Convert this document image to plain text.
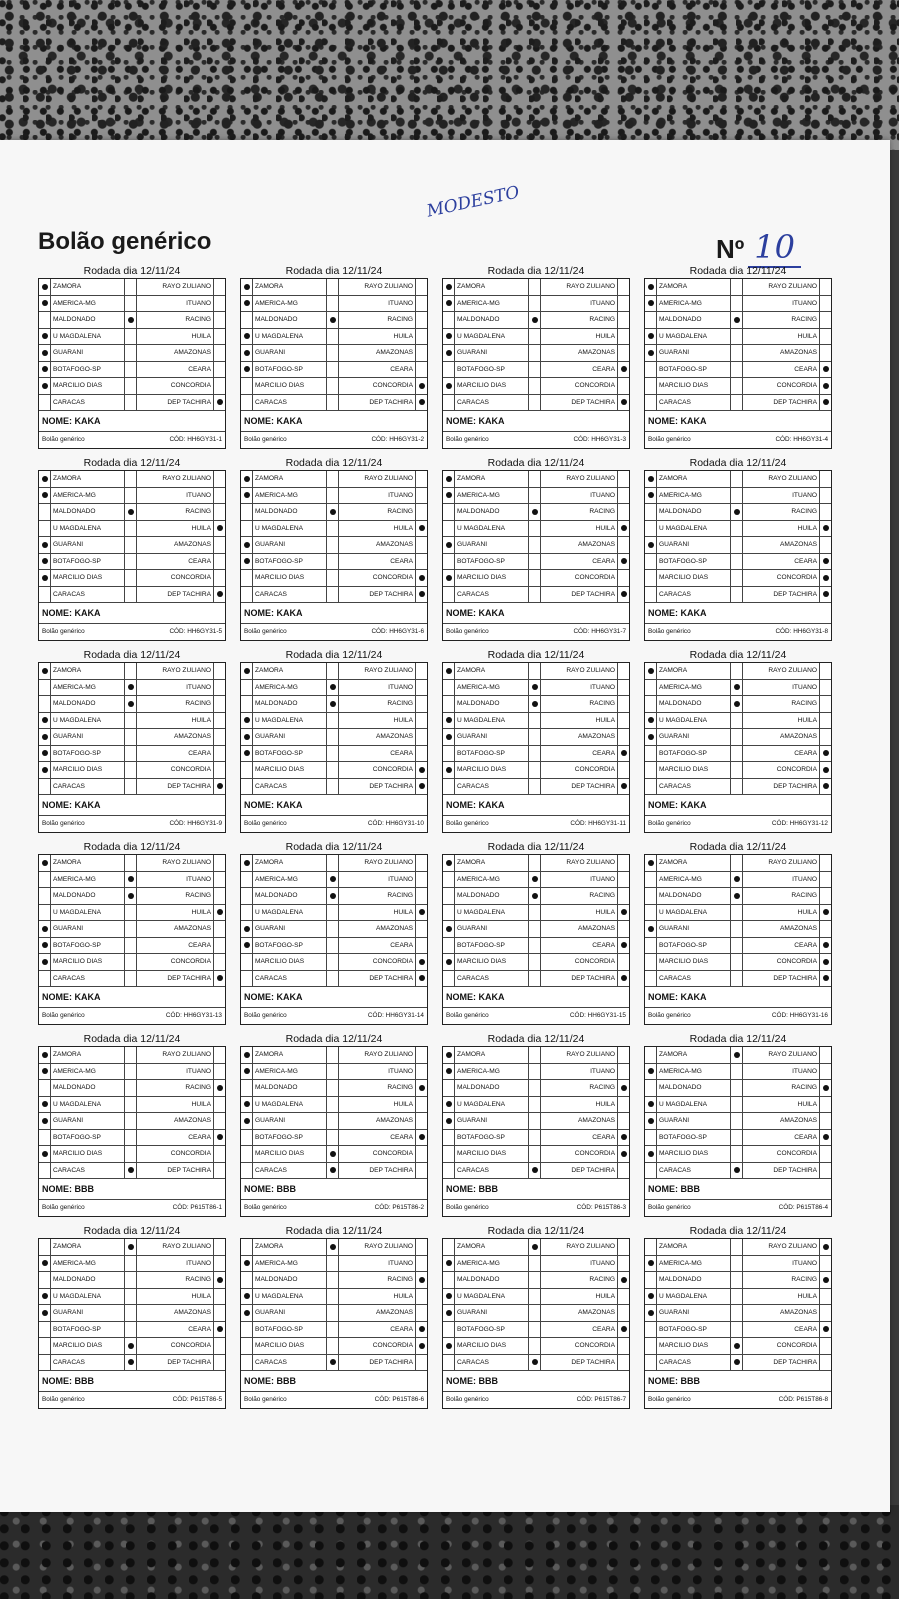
Bolão genérico
MODESTO
Nº 10
Rodada dia 12/11/24
ZAMORA	RAYO ZULIANO
AMERICA-MG	ITUANO
MALDONADO	RACING
U MAGDALENA	HUILA
GUARANI	AMAZONAS
BOTAFOGO-SP	CEARA
MARCILIO DIAS	CONCORDIA
CARACAS	DEP TACHIRA
NOME: KAKA
Bolão genérico	CÓD: HH6GY31-1
Rodada dia 12/11/24
ZAMORA	RAYO ZULIANO
AMERICA-MG	ITUANO
MALDONADO	RACING
U MAGDALENA	HUILA
GUARANI	AMAZONAS
BOTAFOGO-SP	CEARA
MARCILIO DIAS	CONCORDIA
CARACAS	DEP TACHIRA
NOME: KAKA
Bolão genérico	CÓD: HH6GY31-2
Rodada dia 12/11/24
ZAMORA	RAYO ZULIANO
AMERICA-MG	ITUANO
MALDONADO	RACING
U MAGDALENA	HUILA
GUARANI	AMAZONAS
BOTAFOGO-SP	CEARA
MARCILIO DIAS	CONCORDIA
CARACAS	DEP TACHIRA
NOME: KAKA
Bolão genérico	CÓD: HH6GY31-3
Rodada dia 12/11/24
ZAMORA	RAYO ZULIANO
AMERICA-MG	ITUANO
MALDONADO	RACING
U MAGDALENA	HUILA
GUARANI	AMAZONAS
BOTAFOGO-SP	CEARA
MARCILIO DIAS	CONCORDIA
CARACAS	DEP TACHIRA
NOME: KAKA
Bolão genérico	CÓD: HH6GY31-4
Rodada dia 12/11/24
ZAMORA	RAYO ZULIANO
AMERICA-MG	ITUANO
MALDONADO	RACING
U MAGDALENA	HUILA
GUARANI	AMAZONAS
BOTAFOGO-SP	CEARA
MARCILIO DIAS	CONCORDIA
CARACAS	DEP TACHIRA
NOME: KAKA
Bolão genérico	CÓD: HH6GY31-5
Rodada dia 12/11/24
ZAMORA	RAYO ZULIANO
AMERICA-MG	ITUANO
MALDONADO	RACING
U MAGDALENA	HUILA
GUARANI	AMAZONAS
BOTAFOGO-SP	CEARA
MARCILIO DIAS	CONCORDIA
CARACAS	DEP TACHIRA
NOME: KAKA
Bolão genérico	CÓD: HH6GY31-6
Rodada dia 12/11/24
ZAMORA	RAYO ZULIANO
AMERICA-MG	ITUANO
MALDONADO	RACING
U MAGDALENA	HUILA
GUARANI	AMAZONAS
BOTAFOGO-SP	CEARA
MARCILIO DIAS	CONCORDIA
CARACAS	DEP TACHIRA
NOME: KAKA
Bolão genérico	CÓD: HH6GY31-7
Rodada dia 12/11/24
ZAMORA	RAYO ZULIANO
AMERICA-MG	ITUANO
MALDONADO	RACING
U MAGDALENA	HUILA
GUARANI	AMAZONAS
BOTAFOGO-SP	CEARA
MARCILIO DIAS	CONCORDIA
CARACAS	DEP TACHIRA
NOME: KAKA
Bolão genérico	CÓD: HH6GY31-8
Rodada dia 12/11/24
ZAMORA	RAYO ZULIANO
AMERICA-MG	ITUANO
MALDONADO	RACING
U MAGDALENA	HUILA
GUARANI	AMAZONAS
BOTAFOGO-SP	CEARA
MARCILIO DIAS	CONCORDIA
CARACAS	DEP TACHIRA
NOME: KAKA
Bolão genérico	CÓD: HH6GY31-9
Rodada dia 12/11/24
ZAMORA	RAYO ZULIANO
AMERICA-MG	ITUANO
MALDONADO	RACING
U MAGDALENA	HUILA
GUARANI	AMAZONAS
BOTAFOGO-SP	CEARA
MARCILIO DIAS	CONCORDIA
CARACAS	DEP TACHIRA
NOME: KAKA
Bolão genérico	CÓD: HH6GY31-10
Rodada dia 12/11/24
ZAMORA	RAYO ZULIANO
AMERICA-MG	ITUANO
MALDONADO	RACING
U MAGDALENA	HUILA
GUARANI	AMAZONAS
BOTAFOGO-SP	CEARA
MARCILIO DIAS	CONCORDIA
CARACAS	DEP TACHIRA
NOME: KAKA
Bolão genérico	CÓD: HH6GY31-11
Rodada dia 12/11/24
ZAMORA	RAYO ZULIANO
AMERICA-MG	ITUANO
MALDONADO	RACING
U MAGDALENA	HUILA
GUARANI	AMAZONAS
BOTAFOGO-SP	CEARA
MARCILIO DIAS	CONCORDIA
CARACAS	DEP TACHIRA
NOME: KAKA
Bolão genérico	CÓD: HH6GY31-12
Rodada dia 12/11/24
ZAMORA	RAYO ZULIANO
AMERICA-MG	ITUANO
MALDONADO	RACING
U MAGDALENA	HUILA
GUARANI	AMAZONAS
BOTAFOGO-SP	CEARA
MARCILIO DIAS	CONCORDIA
CARACAS	DEP TACHIRA
NOME: KAKA
Bolão genérico	CÓD: HH6GY31-13
Rodada dia 12/11/24
ZAMORA	RAYO ZULIANO
AMERICA-MG	ITUANO
MALDONADO	RACING
U MAGDALENA	HUILA
GUARANI	AMAZONAS
BOTAFOGO-SP	CEARA
MARCILIO DIAS	CONCORDIA
CARACAS	DEP TACHIRA
NOME: KAKA
Bolão genérico	CÓD: HH6GY31-14
Rodada dia 12/11/24
ZAMORA	RAYO ZULIANO
AMERICA-MG	ITUANO
MALDONADO	RACING
U MAGDALENA	HUILA
GUARANI	AMAZONAS
BOTAFOGO-SP	CEARA
MARCILIO DIAS	CONCORDIA
CARACAS	DEP TACHIRA
NOME: KAKA
Bolão genérico	CÓD: HH6GY31-15
Rodada dia 12/11/24
ZAMORA	RAYO ZULIANO
AMERICA-MG	ITUANO
MALDONADO	RACING
U MAGDALENA	HUILA
GUARANI	AMAZONAS
BOTAFOGO-SP	CEARA
MARCILIO DIAS	CONCORDIA
CARACAS	DEP TACHIRA
NOME: KAKA
Bolão genérico	CÓD: HH6GY31-16
Rodada dia 12/11/24
ZAMORA	RAYO ZULIANO
AMERICA-MG	ITUANO
MALDONADO	RACING
U MAGDALENA	HUILA
GUARANI	AMAZONAS
BOTAFOGO-SP	CEARA
MARCILIO DIAS	CONCORDIA
CARACAS	DEP TACHIRA
NOME: BBB
Bolão genérico	CÓD: P615T86-1
Rodada dia 12/11/24
ZAMORA	RAYO ZULIANO
AMERICA-MG	ITUANO
MALDONADO	RACING
U MAGDALENA	HUILA
GUARANI	AMAZONAS
BOTAFOGO-SP	CEARA
MARCILIO DIAS	CONCORDIA
CARACAS	DEP TACHIRA
NOME: BBB
Bolão genérico	CÓD: P615T86-2
Rodada dia 12/11/24
ZAMORA	RAYO ZULIANO
AMERICA-MG	ITUANO
MALDONADO	RACING
U MAGDALENA	HUILA
GUARANI	AMAZONAS
BOTAFOGO-SP	CEARA
MARCILIO DIAS	CONCORDIA
CARACAS	DEP TACHIRA
NOME: BBB
Bolão genérico	CÓD: P615T86-3
Rodada dia 12/11/24
ZAMORA	RAYO ZULIANO
AMERICA-MG	ITUANO
MALDONADO	RACING
U MAGDALENA	HUILA
GUARANI	AMAZONAS
BOTAFOGO-SP	CEARA
MARCILIO DIAS	CONCORDIA
CARACAS	DEP TACHIRA
NOME: BBB
Bolão genérico	CÓD: P615T86-4
Rodada dia 12/11/24
ZAMORA	RAYO ZULIANO
AMERICA-MG	ITUANO
MALDONADO	RACING
U MAGDALENA	HUILA
GUARANI	AMAZONAS
BOTAFOGO-SP	CEARA
MARCILIO DIAS	CONCORDIA
CARACAS	DEP TACHIRA
NOME: BBB
Bolão genérico	CÓD: P615T86-5
Rodada dia 12/11/24
ZAMORA	RAYO ZULIANO
AMERICA-MG	ITUANO
MALDONADO	RACING
U MAGDALENA	HUILA
GUARANI	AMAZONAS
BOTAFOGO-SP	CEARA
MARCILIO DIAS	CONCORDIA
CARACAS	DEP TACHIRA
NOME: BBB
Bolão genérico	CÓD: P615T86-6
Rodada dia 12/11/24
ZAMORA	RAYO ZULIANO
AMERICA-MG	ITUANO
MALDONADO	RACING
U MAGDALENA	HUILA
GUARANI	AMAZONAS
BOTAFOGO-SP	CEARA
MARCILIO DIAS	CONCORDIA
CARACAS	DEP TACHIRA
NOME: BBB
Bolão genérico	CÓD: P615T86-7
Rodada dia 12/11/24
ZAMORA	RAYO ZULIANO
AMERICA-MG	ITUANO
MALDONADO	RACING
U MAGDALENA	HUILA
GUARANI	AMAZONAS
BOTAFOGO-SP	CEARA
MARCILIO DIAS	CONCORDIA
CARACAS	DEP TACHIRA
NOME: BBB
Bolão genérico	CÓD: P615T86-8
